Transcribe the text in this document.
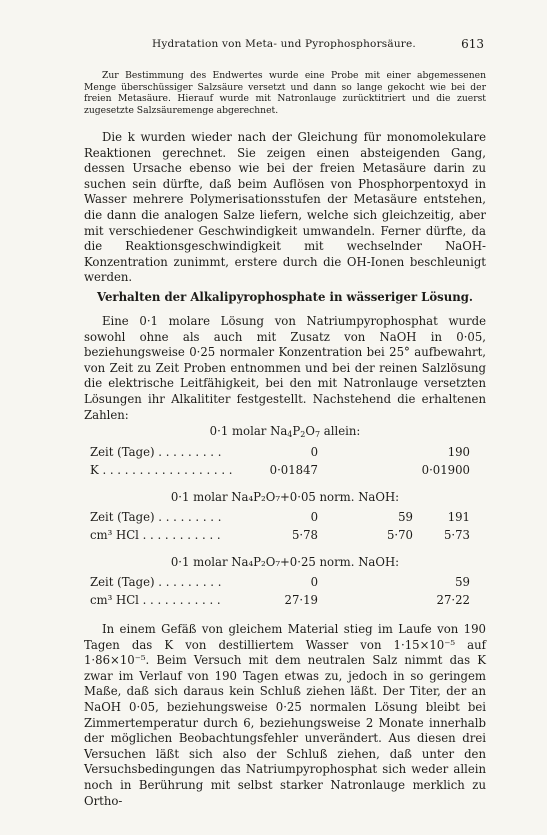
Hydratation von Meta- und Pyrophosphorsäure.	613

Zur Bestimmung des Endwertes wurde eine Probe mit einer abgemessenen Menge überschüssiger Salzsäure versetzt und dann so lange gekocht wie bei der freien Metasäure. Hierauf wurde mit Natronlauge zurücktitriert und die zuerst zugesetzte Salzsäuremenge abgerechnet.

Die k wurden wieder nach der Gleichung für monomolekulare Reaktionen gerechnet. Sie zeigen einen absteigenden Gang, dessen Ursache ebenso wie bei der freien Metasäure darin zu suchen sein dürfte, daß beim Auflösen von Phosphorpentoxyd in Wasser mehrere Polymerisationsstufen der Metasäure entstehen, die dann die analogen Salze liefern, welche sich gleichzeitig, aber mit verschiedener Geschwindigkeit umwandeln. Ferner dürfte, da die Reaktionsgeschwindigkeit mit wechselnder NaOH-Konzentration zunimmt, erstere durch die OH-Ionen beschleunigt werden.

Verhalten der Alkalipyrophosphate in wässeriger Lösung.

Eine 0·1 molare Lösung von Natriumpyrophosphat wurde sowohl ohne als auch mit Zusatz von NaOH in 0·05, beziehungsweise 0·25 normaler Konzentration bei 25° aufbewahrt, von Zeit zu Zeit Proben entnommen und bei der reinen Salzlösung die elektrische Leitfähigkeit, bei den mit Natronlauge versetzten Lösungen ihr Alkalititer festgestellt. Nachstehend die erhaltenen Zahlen:

0·1 molar $Na_4P_2O_7$ allein:
Zeit (Tage) . . . . . . . . .	0	190
K . . . . . . . . . . . . . . . . . .	0·01847	0·01900
0·1 molar Na₄P₂O₇+0·05 norm. NaOH:
Zeit (Tage) . . . . . . . . .	0	59	191
cm³ HCl . . . . . . . . . . .	5·78	5·70	5·73
0·1 molar Na₄P₂O₇+0·25 norm. NaOH:
Zeit (Tage) . . . . . . . . .	0	59
cm³ HCl . . . . . . . . . . .	27·19	27·22

In einem Gefäß von gleichem Material stieg im Laufe von 190 Tagen das K von destilliertem Wasser von 1·15×10⁻⁵ auf 1·86×10⁻⁵. Beim Versuch mit dem neutralen Salz nimmt das K zwar im Verlauf von 190 Tagen etwas zu, jedoch in so geringem Maße, daß sich daraus kein Schluß ziehen läßt. Der Titer, der an NaOH 0·05, beziehungsweise 0·25 normalen Lösung bleibt bei Zimmertemperatur durch 6, beziehungsweise 2 Monate innerhalb der möglichen Beobachtungsfehler unverändert. Aus diesen drei Versuchen läßt sich also der Schluß ziehen, daß unter den Versuchsbedingungen das Natriumpyrophosphat sich weder allein noch in Berührung mit selbst starker Natronlauge merklich zu Ortho-
